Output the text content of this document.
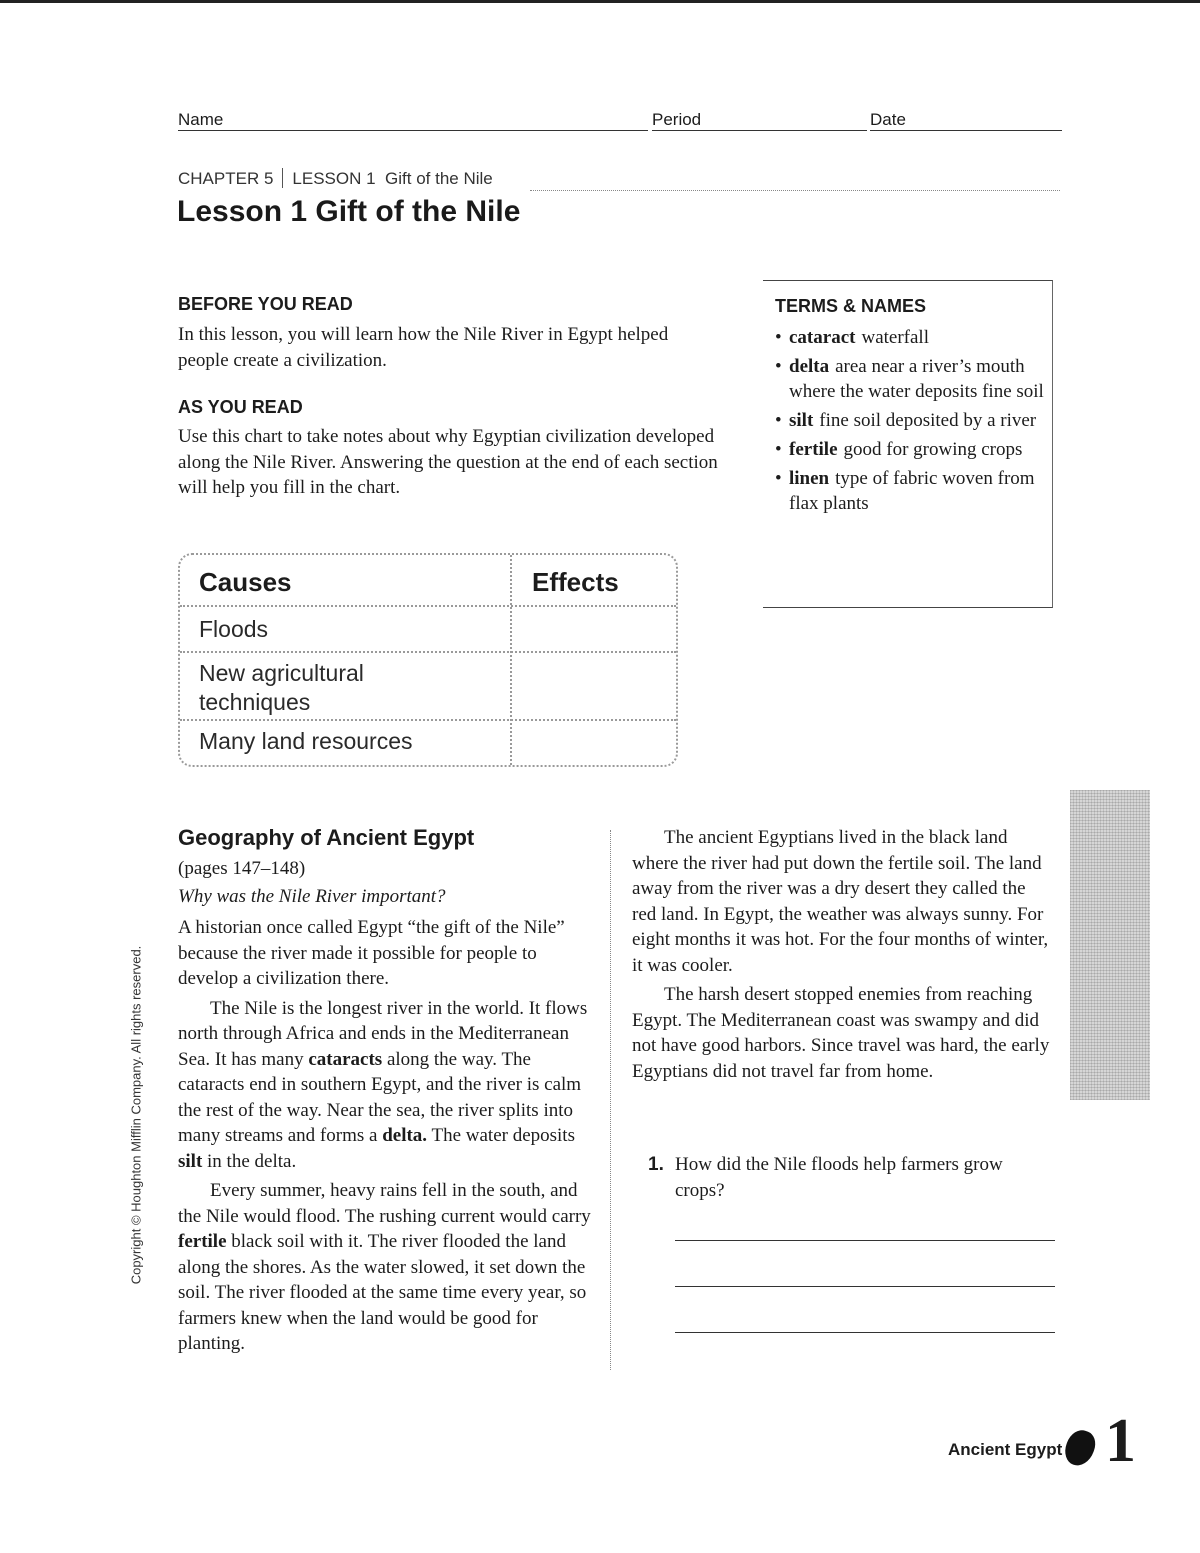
Name	Period	Date
CHAPTER 5 LESSON 1 Gift of the Nile
Lesson 1 Gift of the Nile
BEFORE YOU READ
In this lesson, you will learn how the Nile River in Egypt helped people create a civilization.
AS YOU READ
Use this chart to take notes about why Egyptian civilization developed along the Nile River. Answering the question at the end of each section will help you fill in the chart.
TERMS & NAMES
• cataract waterfall
• delta area near a river’s mouth where the water deposits fine soil
• silt fine soil deposited by a river
• fertile good for growing crops
• linen type of fabric woven from flax plants
Causes	Effects
Floods
New agricultural techniques
Many land resources
Copyright © Houghton Mifflin Company. All rights reserved.
Geography of Ancient Egypt
(pages 147–148)
Why was the Nile River important?

A historian once called Egypt “the gift of the Nile” because the river made it possible for people to develop a civilization there.

The Nile is the longest river in the world. It flows north through Africa and ends in the Mediterranean Sea. It has many cataracts along the way. The cataracts end in southern Egypt, and the river is calm the rest of the way. Near the sea, the river splits into many streams and forms a delta. The water deposits silt in the delta.

Every summer, heavy rains fell in the south, and the Nile would flood. The rushing current would carry fertile black soil with it. The river flooded the land along the shores. As the water slowed, it set down the soil. The river flooded at the same time every year, so farmers knew when the land would be good for planting.

The ancient Egyptians lived in the black land where the river had put down the fertile soil. The land away from the river was a dry desert they called the red land. In Egypt, the weather was always sunny. For eight months it was hot. For the four months of winter, it was cooler.

The harsh desert stopped enemies from reaching Egypt. The Mediterranean coast was swampy and did not have good harbors. Since travel was hard, the early Egyptians did not travel far from home.

1. How did the Nile floods help farmers grow crops?
Ancient Egypt 1
